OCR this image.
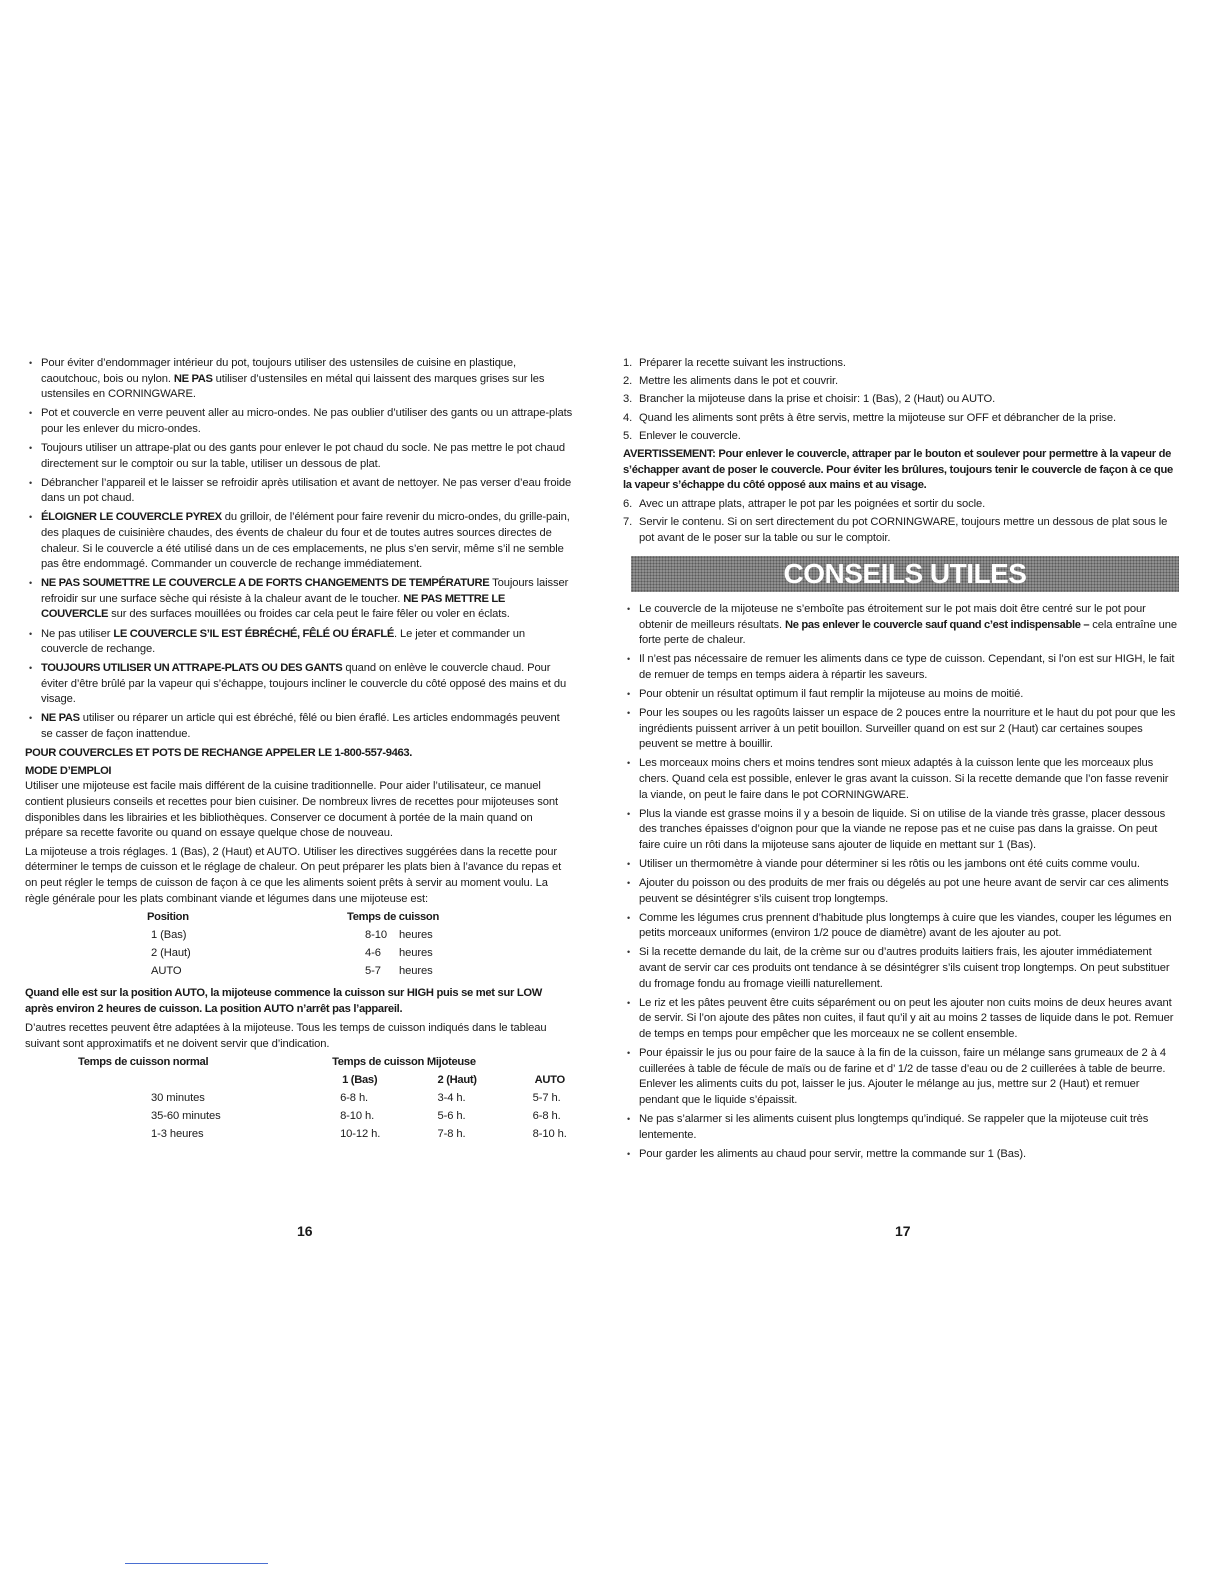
• Pour éviter d’endommager intérieur du pot, toujours utiliser des ustensiles de cuisine en plastique, caoutchouc, bois ou nylon. NE PAS utiliser d’ustensiles en métal qui laissent des marques grises sur les ustensiles en CORNINGWARE.
• Pot et couvercle en verre peuvent aller au micro-ondes. Ne pas oublier d’utiliser des gants ou un attrape-plats pour les enlever du micro-ondes.
• Toujours utiliser un attrape-plat ou des gants pour enlever le pot chaud du socle. Ne pas mettre le pot chaud directement sur le comptoir ou sur la table, utiliser un dessous de plat.
• Débrancher l’appareil et le laisser se refroidir après utilisation et avant de nettoyer. Ne pas verser d’eau froide dans un pot chaud.
• ÉLOIGNER LE COUVERCLE PYREX du grilloir, de l’élément pour faire revenir du micro-ondes, du grille-pain, des plaques de cuisinière chaudes, des évents de chaleur du four et de toutes autres sources directes de chaleur. Si le couvercle a été utilisé dans un de ces emplacements, ne plus s’en servir, même s’il ne semble pas être endommagé. Commander un couvercle de rechange immédiatement.
• NE PAS SOUMETTRE LE COUVERCLE A DE FORTS CHANGEMENTS DE TEMPÉRATURE Toujours laisser refroidir sur une surface sèche qui résiste à la chaleur avant de le toucher. NE PAS METTRE LE COUVERCLE sur des surfaces mouillées ou froides car cela peut le faire fêler ou voler en éclats.
• Ne pas utiliser LE COUVERCLE S’IL EST ÉBRÉCHÉ, FÊLÉ OU ÉRAFLÉ. Le jeter et commander un couvercle de rechange.
• TOUJOURS UTILISER UN ATTRAPE-PLATS OU DES GANTS quand on enlève le couvercle chaud. Pour éviter d’être brûlé par la vapeur qui s’échappe, toujours incliner le couvercle du côté opposé des mains et du visage.
• NE PAS utiliser ou réparer un article qui est ébréché, fêlé ou bien éraflé. Les articles endommagés peuvent se casser de façon inattendue.
POUR COUVERCLES ET POTS DE RECHANGE APPELER LE 1-800-557-9463.
MODE D’EMPLOI

Utiliser une mijoteuse est facile mais différent de la cuisine traditionnelle. Pour aider l’utilisateur, ce manuel contient plusieurs conseils et recettes pour bien cuisiner. De nombreux livres de recettes pour mijoteuses sont disponibles dans les librairies et les bibliothèques. Conserver ce document à portée de la main quand on prépare sa recette favorite ou quand on essaye quelque chose de nouveau.

La mijoteuse a trois réglages. 1 (Bas), 2 (Haut) et AUTO. Utiliser les directives suggérées dans la recette pour déterminer le temps de cuisson et le réglage de chaleur. On peut préparer les plats bien à l’avance du repas et on peut régler le temps de cuisson de façon à ce que les aliments soient prêts à servir au moment voulu. La règle générale pour les plats combinant viande et légumes dans une mijoteuse est:

Position	Temps de cuisson
1 (Bas)	8-10 heures
2 (Haut)	4-6 heures
AUTO	5-7 heures
Quand elle est sur la position AUTO, la mijoteuse commence la cuisson sur HIGH puis se met sur LOW après environ 2 heures de cuisson. La position AUTO n’arrêt pas l’appareil.

D’autres recettes peuvent être adaptées à la mijoteuse. Tous les temps de cuisson indiqués dans le tableau suivant sont approximatifs et ne doivent servir que d’indication.

Temps de cuisson normal	Temps de cuisson Mijoteuse		
	1 (Bas)	2 (Haut)	AUTO
30 minutes	6-8 h.	3-4 h.	5-7 h.
35-60 minutes	8-10 h.	5-6 h.	6-8 h.
1-3 heures	10-12 h.	7-8 h.	8-10 h.
16
1. Préparer la recette suivant les instructions.
2. Mettre les aliments dans le pot et couvrir.
3. Brancher la mijoteuse dans la prise et choisir: 1 (Bas), 2 (Haut) ou AUTO.
4. Quand les aliments sont prêts à être servis, mettre la mijoteuse sur OFF et débrancher de la prise.
5. Enlever le couvercle.
AVERTISSEMENT: Pour enlever le couvercle, attraper par le bouton et soulever pour permettre à la vapeur de s’échapper avant de poser le couvercle. Pour éviter les brûlures, toujours tenir le couvercle de façon à ce que la vapeur s’échappe du côté opposé aux mains et au visage.
6. Avec un attrape plats, attraper le pot par les poignées et sortir du socle.
7. Servir le contenu. Si on sert directement du pot CORNINGWARE, toujours mettre un dessous de plat sous le pot avant de le poser sur la table ou sur le comptoir.
CONSEILS UTILES
• Le couvercle de la mijoteuse ne s’emboîte pas étroitement sur le pot mais doit être centré sur le pot pour obtenir de meilleurs résultats. Ne pas enlever le couvercle sauf quand c’est indispensable – cela entraîne une forte perte de chaleur.
• Il n’est pas nécessaire de remuer les aliments dans ce type de cuisson. Cependant, si l’on est sur HIGH, le fait de remuer de temps en temps aidera à répartir les saveurs.
• Pour obtenir un résultat optimum il faut remplir la mijoteuse au moins de moitié.
• Pour les soupes ou les ragoûts laisser un espace de 2 pouces entre la nourriture et le haut du pot pour que les ingrédients puissent arriver à un petit bouillon. Surveiller quand on est sur 2 (Haut) car certaines soupes peuvent se mettre à bouillir.
• Les morceaux moins chers et moins tendres sont mieux adaptés à la cuisson lente que les morceaux plus chers. Quand cela est possible, enlever le gras avant la cuisson. Si la recette demande que l’on fasse revenir la viande, on peut le faire dans le pot CORNINGWARE.
• Plus la viande est grasse moins il y a besoin de liquide. Si on utilise de la viande très grasse, placer dessous des tranches épaisses d’oignon pour que la viande ne repose pas et ne cuise pas dans la graisse. On peut faire cuire un rôti dans la mijoteuse sans ajouter de liquide en mettant sur 1 (Bas).
• Utiliser un thermomètre à viande pour déterminer si les rôtis ou les jambons ont été cuits comme voulu.
• Ajouter du poisson ou des produits de mer frais ou dégelés au pot une heure avant de servir car ces aliments peuvent se désintégrer s’ils cuisent trop longtemps.
• Comme les légumes crus prennent d’habitude plus longtemps à cuire que les viandes, couper les légumes en petits morceaux uniformes (environ 1/2 pouce de diamètre) avant de les ajouter au pot.
• Si la recette demande du lait, de la crème sur ou d’autres produits laitiers frais, les ajouter immédiatement avant de servir car ces produits ont tendance à se désintégrer s’ils cuisent trop longtemps. On peut substituer du fromage fondu au fromage vieilli naturellement.
• Le riz et les pâtes peuvent être cuits séparément ou on peut les ajouter non cuits moins de deux heures avant de servir. Si l’on ajoute des pâtes non cuites, il faut qu’il y ait au moins 2 tasses de liquide dans le pot. Remuer de temps en temps pour empêcher que les morceaux ne se collent ensemble.
• Pour épaissir le jus ou pour faire de la sauce à la fin de la cuisson, faire un mélange sans grumeaux de 2 à 4 cuillerées à table de fécule de maïs ou de farine et d’ 1/2 de tasse d’eau ou de 2 cuillerées à table de beurre. Enlever les aliments cuits du pot, laisser le jus. Ajouter le mélange au jus, mettre sur 2 (Haut) et remuer pendant que le liquide s’épaissit.
• Ne pas s’alarmer si les aliments cuisent plus longtemps qu’indiqué. Se rappeler que la mijoteuse cuit très lentemente.
• Pour garder les aliments au chaud pour servir, mettre la commande sur 1 (Bas).
17
